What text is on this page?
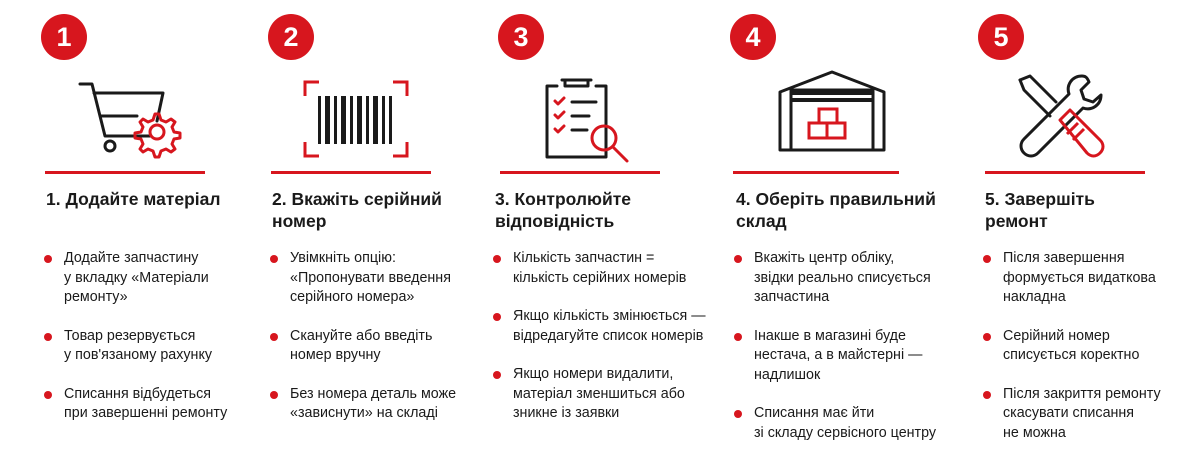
1
1. Додайте матеріал
Додайте запчастину
у вкладку «Матеріали
ремонту»
Товар резервується
у пов'язаному рахунку
Списання відбудеться
при завершенні ремонту
2
2. Вкажіть серійний
номер
Увімкніть опцію:
«Пропонувати введення
серійного номера»
Скануйте або введіть
номер вручну
Без номера деталь може
«зависнути» на складі
3
3. Контролюйте
відповідність
Кількість запчастин =
кількість серійних номерів
Якщо кількість змінюється —
відредагуйте список номерів
Якщо номери видалити,
матеріал зменшиться або
зникне із заявки
4
4. Оберіть правильний
склад
Вкажіть центр обліку,
звідки реально списується
запчастина
Інакше в магазині буде
нестача, а в майстерні —
надлишок
Списання має йти
зі складу сервісного центру
5
5. Завершіть
ремонт
Після завершення
формується видаткова
накладна
Серійний номер
списується коректно
Після закриття ремонту
скасувати списання
не можна
